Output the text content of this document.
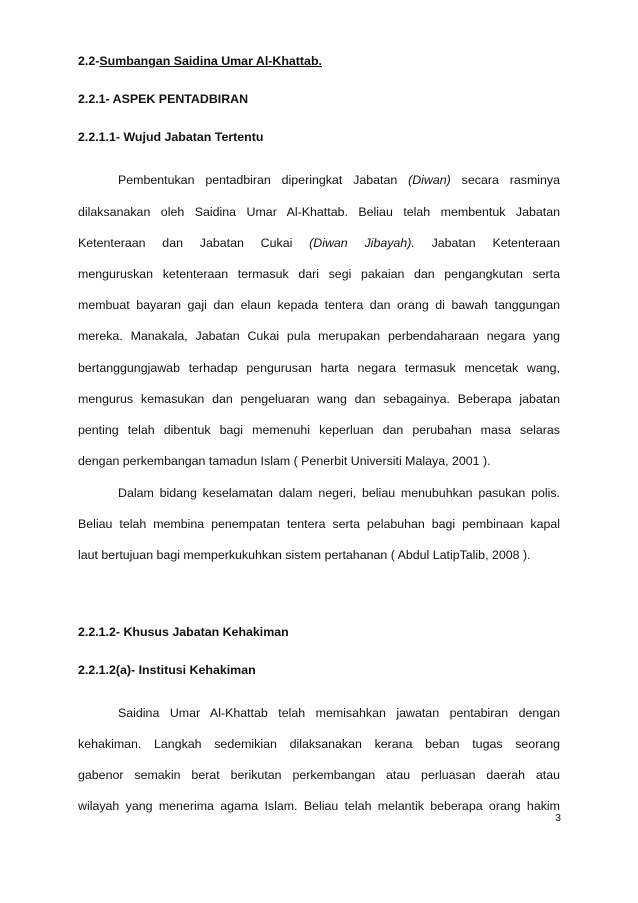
2.2-Sumbangan Saidina Umar Al-Khattab.
2.2.1- ASPEK PENTADBIRAN
2.2.1.1- Wujud Jabatan Tertentu
Pembentukan pentadbiran diperingkat Jabatan (Diwan) secara rasminya
dilaksanakan oleh Saidina Umar Al-Khattab. Beliau telah membentuk Jabatan
Ketenteraan dan Jabatan Cukai (Diwan Jibayah). Jabatan Ketenteraan
menguruskan ketenteraan termasuk dari segi pakaian dan pengangkutan serta
membuat bayaran gaji dan elaun kepada tentera dan orang di bawah tanggungan
mereka. Manakala, Jabatan Cukai pula merupakan perbendaharaan negara yang
bertanggungjawab terhadap pengurusan harta negara termasuk mencetak wang,
mengurus kemasukan dan pengeluaran wang dan sebagainya. Beberapa jabatan
penting telah dibentuk bagi memenuhi keperluan dan perubahan masa selaras
dengan perkembangan tamadun Islam ( Penerbit Universiti Malaya, 2001 ).
Dalam bidang keselamatan dalam negeri, beliau menubuhkan pasukan polis.
Beliau telah membina penempatan tentera serta pelabuhan bagi pembinaan kapal
laut bertujuan bagi memperkukuhkan sistem pertahanan ( Abdul LatipTalib, 2008 ).
2.2.1.2- Khusus Jabatan Kehakiman
2.2.1.2(a)- Institusi Kehakiman
Saidina Umar Al-Khattab telah memisahkan jawatan pentabiran dengan
kehakiman. Langkah sedemikian dilaksanakan kerana beban tugas seorang
gabenor semakin berat berikutan perkembangan atau perluasan daerah atau
wilayah yang menerima agama Islam. Beliau telah melantik beberapa orang hakim
3
